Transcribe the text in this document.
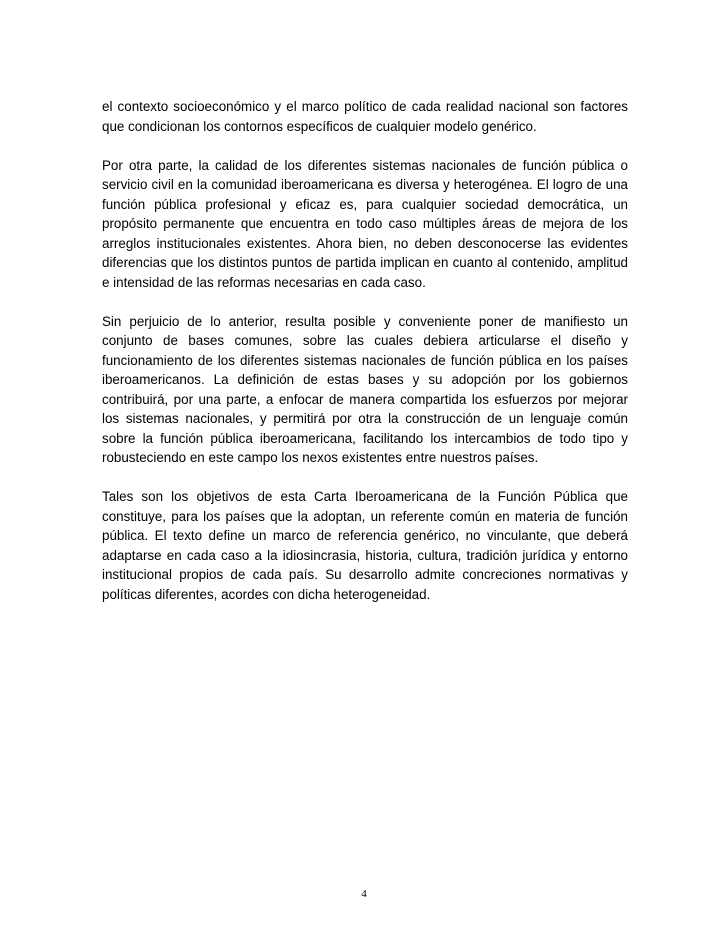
el contexto socioeconómico y el marco político de cada realidad nacional son factores que condicionan los contornos específicos de cualquier modelo genérico.

Por otra parte, la calidad de los diferentes sistemas nacionales de función pública o servicio civil en la comunidad iberoamericana es diversa y heterogénea. El logro de una función pública profesional y eficaz es, para cualquier sociedad democrática, un propósito permanente que encuentra en todo caso múltiples áreas de mejora de los arreglos institucionales existentes. Ahora bien, no deben desconocerse las evidentes diferencias que los distintos puntos de partida implican en cuanto al contenido, amplitud e intensidad de las reformas necesarias en cada caso.

Sin perjuicio de lo anterior, resulta posible y conveniente poner de manifiesto un conjunto de bases comunes, sobre las cuales debiera articularse el diseño y funcionamiento de los diferentes sistemas nacionales de función pública en los países iberoamericanos. La definición de estas bases y su adopción por los gobiernos contribuirá, por una parte, a enfocar de manera compartida los esfuerzos por mejorar los sistemas nacionales, y permitirá por otra la construcción de un lenguaje común sobre la función pública iberoamericana, facilitando los intercambios de todo tipo y robusteciendo en este campo los nexos existentes entre nuestros países.

Tales son los objetivos de esta Carta Iberoamericana de la Función Pública que constituye, para los países que la adoptan, un referente común en materia de función pública. El texto define un marco de referencia genérico, no vinculante, que deberá adaptarse en cada caso a la idiosincrasia, historia, cultura, tradición jurídica y entorno institucional propios de cada país. Su desarrollo admite concreciones normativas y políticas diferentes, acordes con dicha heterogeneidad.

4
